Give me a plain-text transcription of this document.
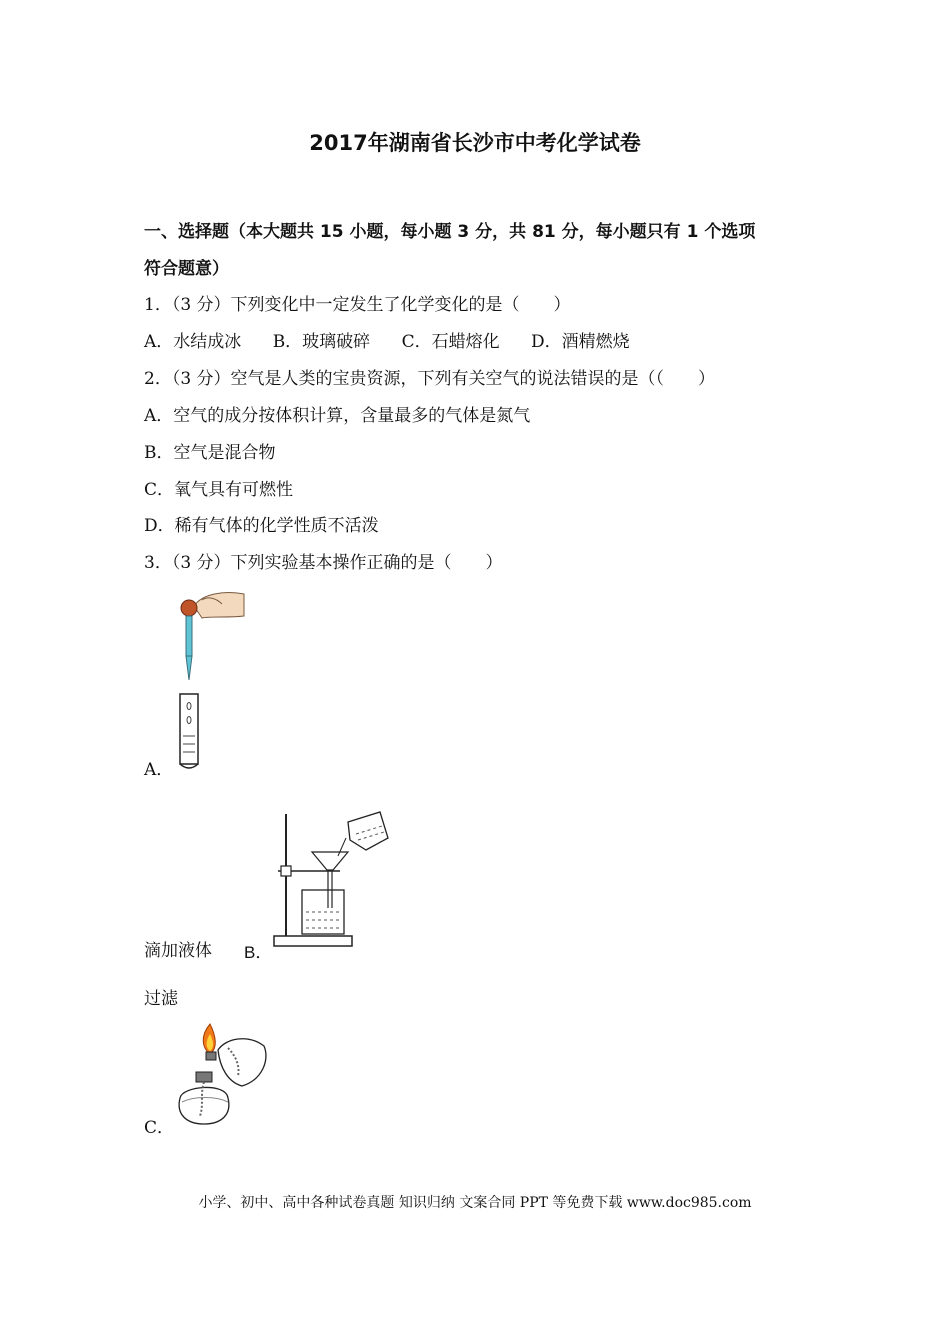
2017年湖南省长沙市中考化学试卷
一、选择题（本大题共 15 小题，每小题 3 分，共 81 分，每小题只有 1 个选项
符合题意）
1．（3 分）下列变化中一定发生了化学变化的是（　　）
A．水结成冰 B．玻璃破碎 C．石蜡熔化 D．酒精燃烧
2．（3 分）空气是人类的宝贵资源，下列有关空气的说法错误的是（（　　）
A．空气的成分按体积计算，含量最多的气体是氮气
B．空气是混合物
C．氧气具有可燃性
D．稀有气体的化学性质不活泼
3．（3 分）下列实验基本操作正确的是（　　）
A．
滴加液体 B．
过滤
C．
小学、初中、高中各种试卷真题 知识归纳 文案合同 PPT 等免费下载 www.doc985.com
